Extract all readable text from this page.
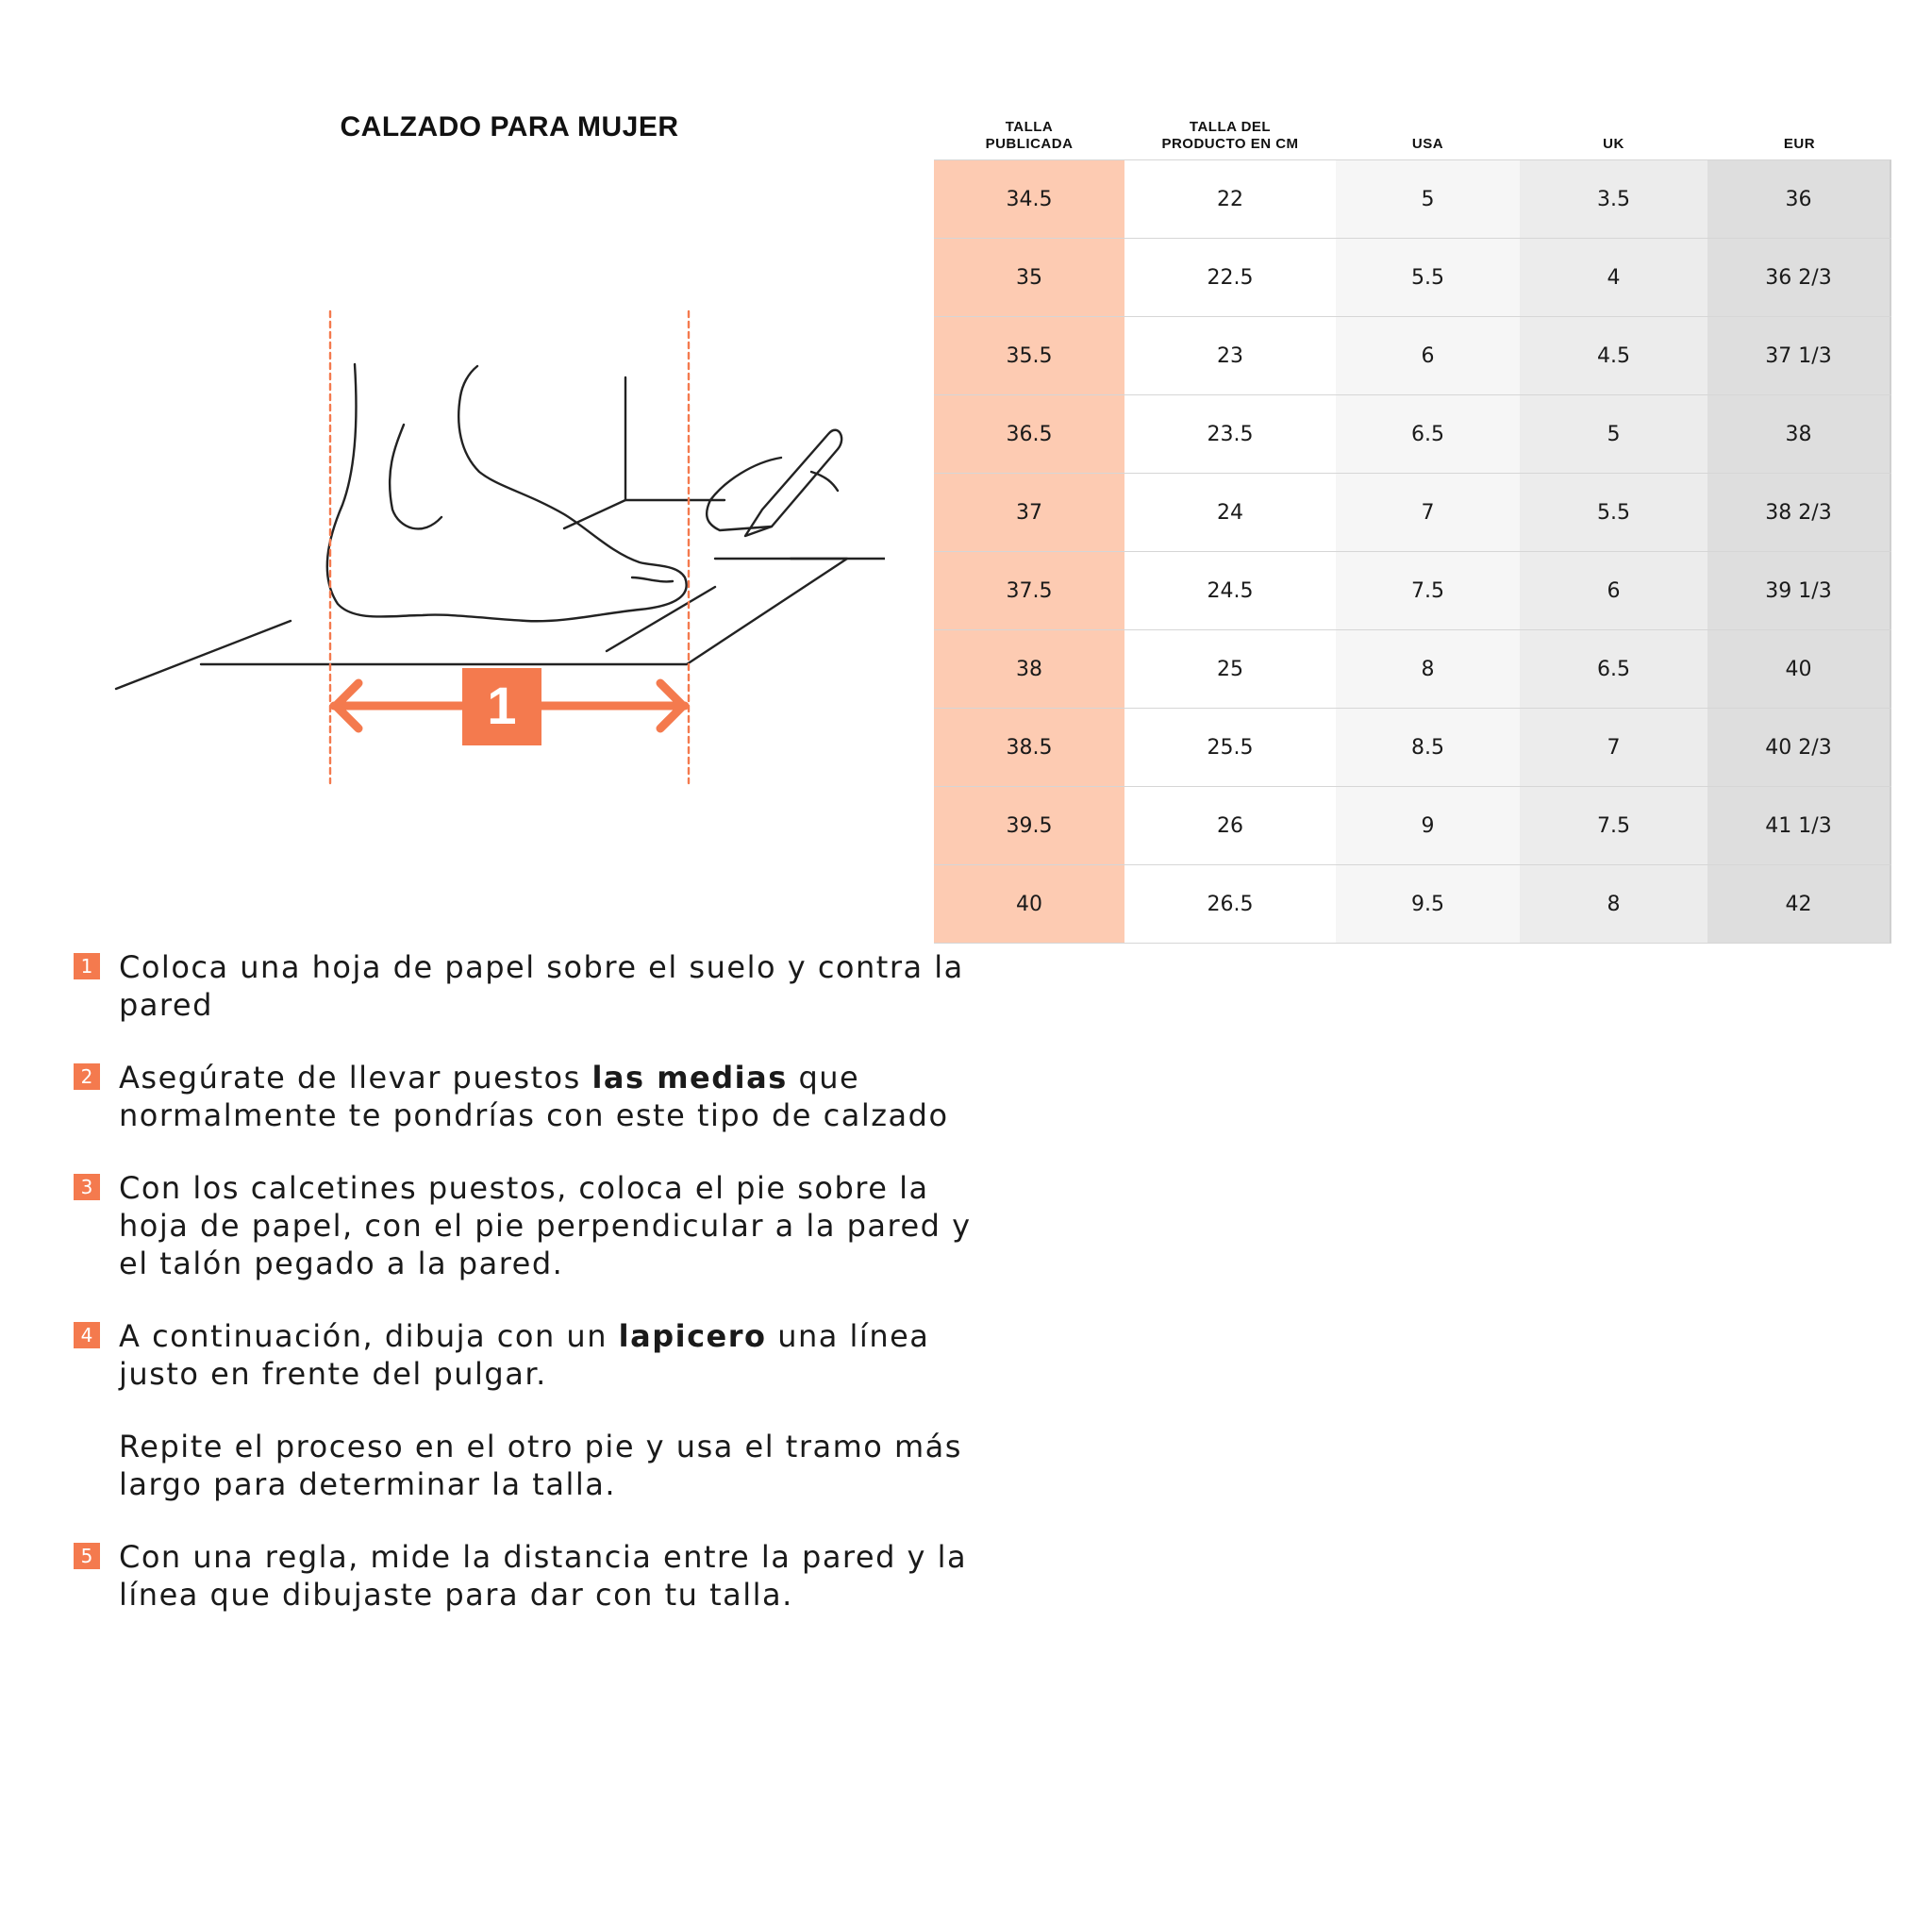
CALZADO PARA MUJER
1
TALLA
PUBLICADA
TALLA DEL
PRODUCTO EN CM	USA	UK	EUR
34.5	22	5	3.5	36
35	22.5	5.5	4	36 2/3
35.5	23	6	4.5	37 1/3
36.5	23.5	6.5	5	38
37	24	7	5.5	38 2/3
37.5	24.5	7.5	6	39 1/3
38	25	8	6.5	40
38.5	25.5	8.5	7	40 2/3
39.5	26	9	7.5	41 1/3
40	26.5	9.5	8	42
1 Coloca una hoja de papel sobre el suelo y contra la pared
2 Asegúrate de llevar puestos las medias que normalmente te pondrías con este tipo de calzado
3 Con los calcetines puestos, coloca el pie sobre la hoja de papel, con el pie perpendicular a la pared y el talón pegado a la pared.
4 A continuación, dibuja con un lapicero una línea justo en frente del pulgar.
Repite el proceso en el otro pie y usa el tramo más largo para determinar la talla.
5 Con una regla, mide la distancia entre la pared y la línea que dibujaste para dar con tu talla.
